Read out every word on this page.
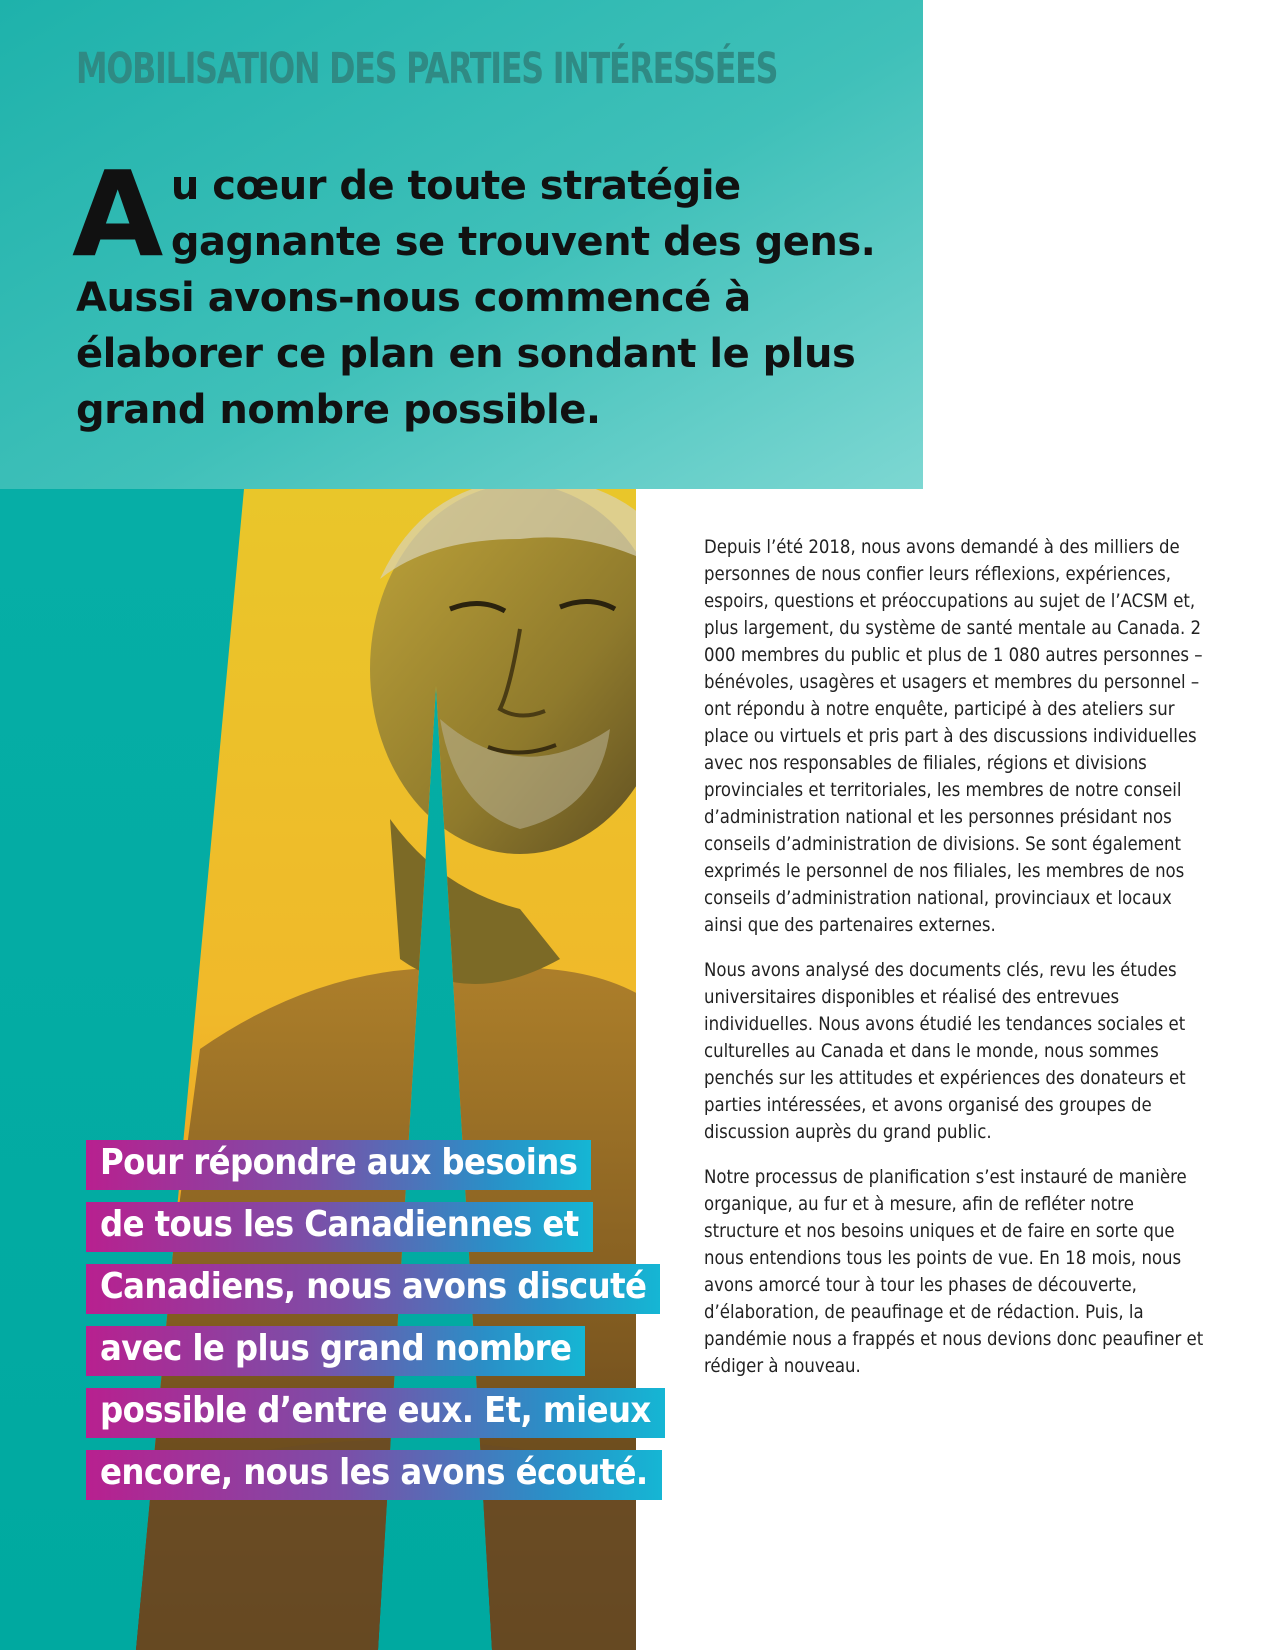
MOBILISATION DES PARTIES INTÉRESSÉES
Au cœur de toute stratégie gagnante se trouvent des gens. Aussi avons-nous commencé à élaborer ce plan en sondant le plus grand nombre possible.
Pour répondre aux besoins
de tous les Canadiennes et
Canadiens, nous avons discuté
avec le plus grand nombre
possible d’entre eux. Et, mieux
encore, nous les avons écouté.

Depuis l’été 2018, nous avons demandé à des milliers de personnes de nous confier leurs réflexions, expériences, espoirs, questions et préoccupations au sujet de l’ACSM et, plus largement, du système de santé mentale au Canada. 2 000 membres du public et plus de 1 080 autres personnes – bénévoles, usagères et usagers et membres du personnel – ont répondu à notre enquête, participé à des ateliers sur place ou virtuels et pris part à des discussions individuelles avec nos responsables de filiales, régions et divisions provinciales et territoriales, les membres de notre conseil d’administration national et les personnes présidant nos conseils d’administration de divisions. Se sont également exprimés le personnel de nos filiales, les membres de nos conseils d’administration national, provinciaux et locaux ainsi que des partenaires externes.

Nous avons analysé des documents clés, revu les études universitaires disponibles et réalisé des entrevues individuelles. Nous avons étudié les tendances sociales et culturelles au Canada et dans le monde, nous sommes penchés sur les attitudes et expériences des donateurs et parties intéressées, et avons organisé des groupes de discussion auprès du grand public.

Notre processus de planification s’est instauré de manière organique, au fur et à mesure, afin de refléter notre structure et nos besoins uniques et de faire en sorte que nous entendions tous les points de vue. En 18 mois, nous avons amorcé tour à tour les phases de découverte, d’élaboration, de peaufinage et de rédaction. Puis, la pandémie nous a frappés et nous devions donc peaufiner et rédiger à nouveau.
